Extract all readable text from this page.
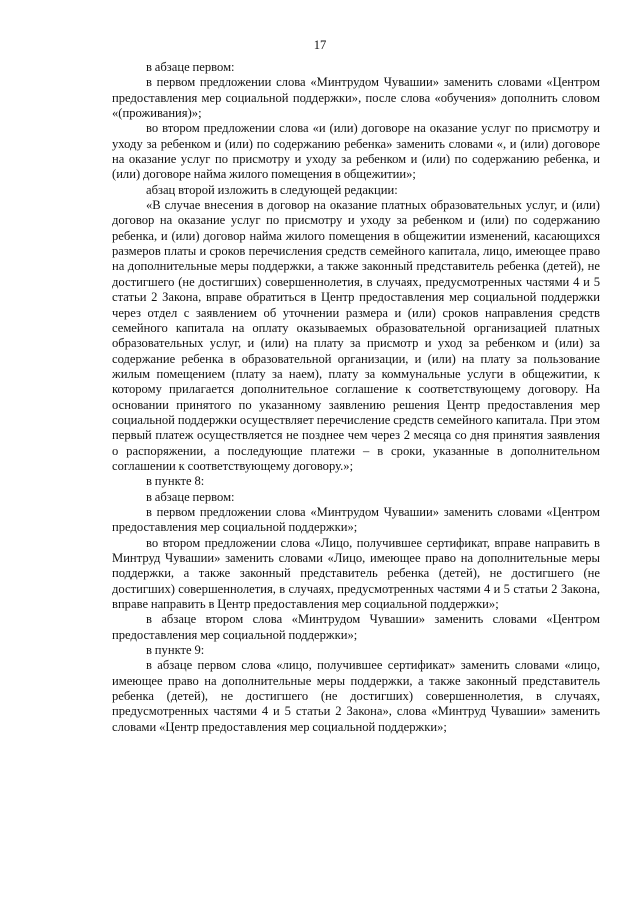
17

в абзаце первом:

в первом предложении слова «Минтрудом Чувашии» заменить словами «Центром предоставления мер социальной поддержки», после слова «обучения» дополнить словом «(проживания)»;

во втором предложении слова «и (или) договоре на оказание услуг по присмотру и уходу за ребенком и (или) по содержанию ребенка» заменить словами «, и (или) договоре на оказание услуг по присмотру и уходу за ребенком и (или) по содержанию ребенка, и (или) договоре найма жилого помещения в общежитии»;

абзац второй изложить в следующей редакции:

«В случае внесения в договор на оказание платных образовательных услуг, и (или) договор на оказание услуг по присмотру и уходу за ребенком и (или) по содержанию ребенка, и (или) договор найма жилого помещения в общежитии изменений, касающихся размеров платы и сроков перечисления средств семейного капитала, лицо, имеющее право на дополнительные меры поддержки, а также законный представитель ребенка (детей), не достигшего (не достигших) совершеннолетия, в случаях, предусмотренных частями 4 и 5 статьи 2 Закона, вправе обратиться в Центр предоставления мер социальной поддержки через отдел с заявлением об уточнении размера и (или) сроков направления средств семейного капитала на оплату оказываемых образовательной организацией платных образовательных услуг, и (или) на плату за присмотр и уход за ребенком и (или) за содержание ребенка в образовательной организации, и (или) на плату за пользование жилым помещением (плату за наем), плату за коммунальные услуги в общежитии, к которому прилагается дополнительное соглашение к соответствующему договору. На основании принятого по указанному заявлению решения Центр предоставления мер социальной поддержки осуществляет перечисление средств семейного капитала. При этом первый платеж осуществляется не позднее чем через 2 месяца со дня принятия заявления о распоряжении, а последующие платежи – в сроки, указанные в дополнительном соглашении к соответствующему договору.»;

в пункте 8:

в абзаце первом:

в первом предложении слова «Минтрудом Чувашии» заменить словами «Центром предоставления мер социальной поддержки»;

во втором предложении слова «Лицо, получившее сертификат, вправе направить в Минтруд Чувашии» заменить словами «Лицо, имеющее право на дополнительные меры поддержки, а также законный представитель ребенка (детей), не достигшего (не достигших) совершеннолетия, в случаях, предусмотренных частями 4 и 5 статьи 2 Закона, вправе направить в Центр предоставления мер социальной поддержки»;

в абзаце втором слова «Минтрудом Чувашии» заменить словами «Центром предоставления мер социальной поддержки»;

в пункте 9:

в абзаце первом слова «лицо, получившее сертификат» заменить словами «лицо, имеющее право на дополнительные меры поддержки, а также законный представитель ребенка (детей), не достигшего (не достигших) совершеннолетия, в случаях, предусмотренных частями 4 и 5 статьи 2 Закона», слова «Минтруд Чувашии» заменить словами «Центр предоставления мер социальной поддержки»;
